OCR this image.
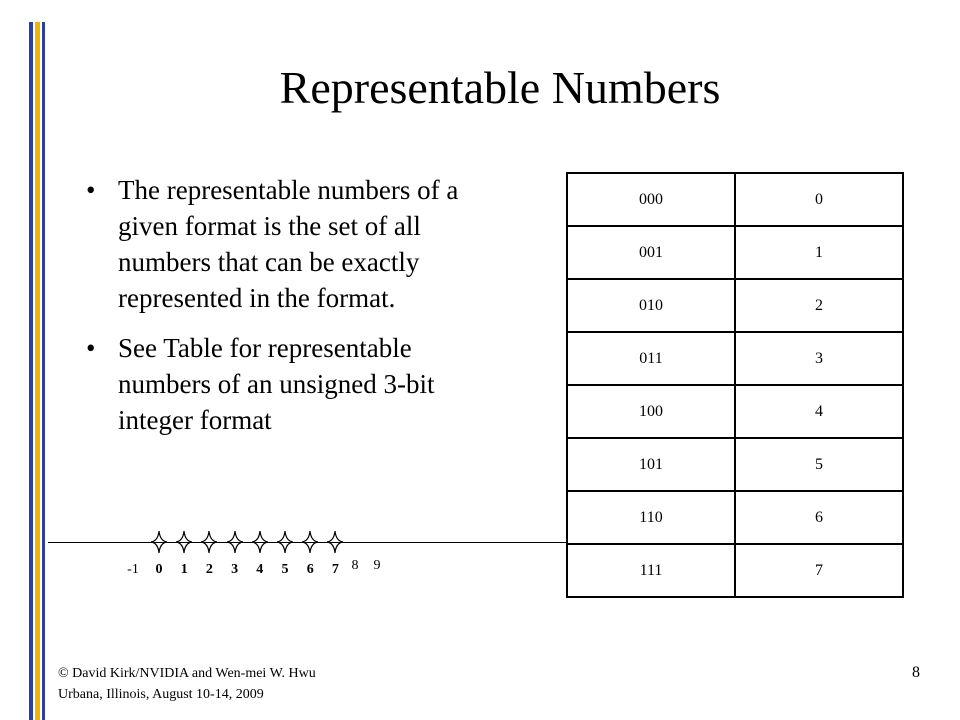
Representable Numbers
• The representable numbers of a given format is the set of all numbers that can be exactly represented in the format.
• See Table for representable numbers of an unsigned 3-bit integer format
000	0
001	1
010	2
011	3
100	4
101	5
110	6
111	7
-1 0 1 2 3 4 5 6 7 8 9
© David Kirk/NVIDIA and Wen-mei W. Hwu
Urbana, Illinois, August 10-14, 2009
8
